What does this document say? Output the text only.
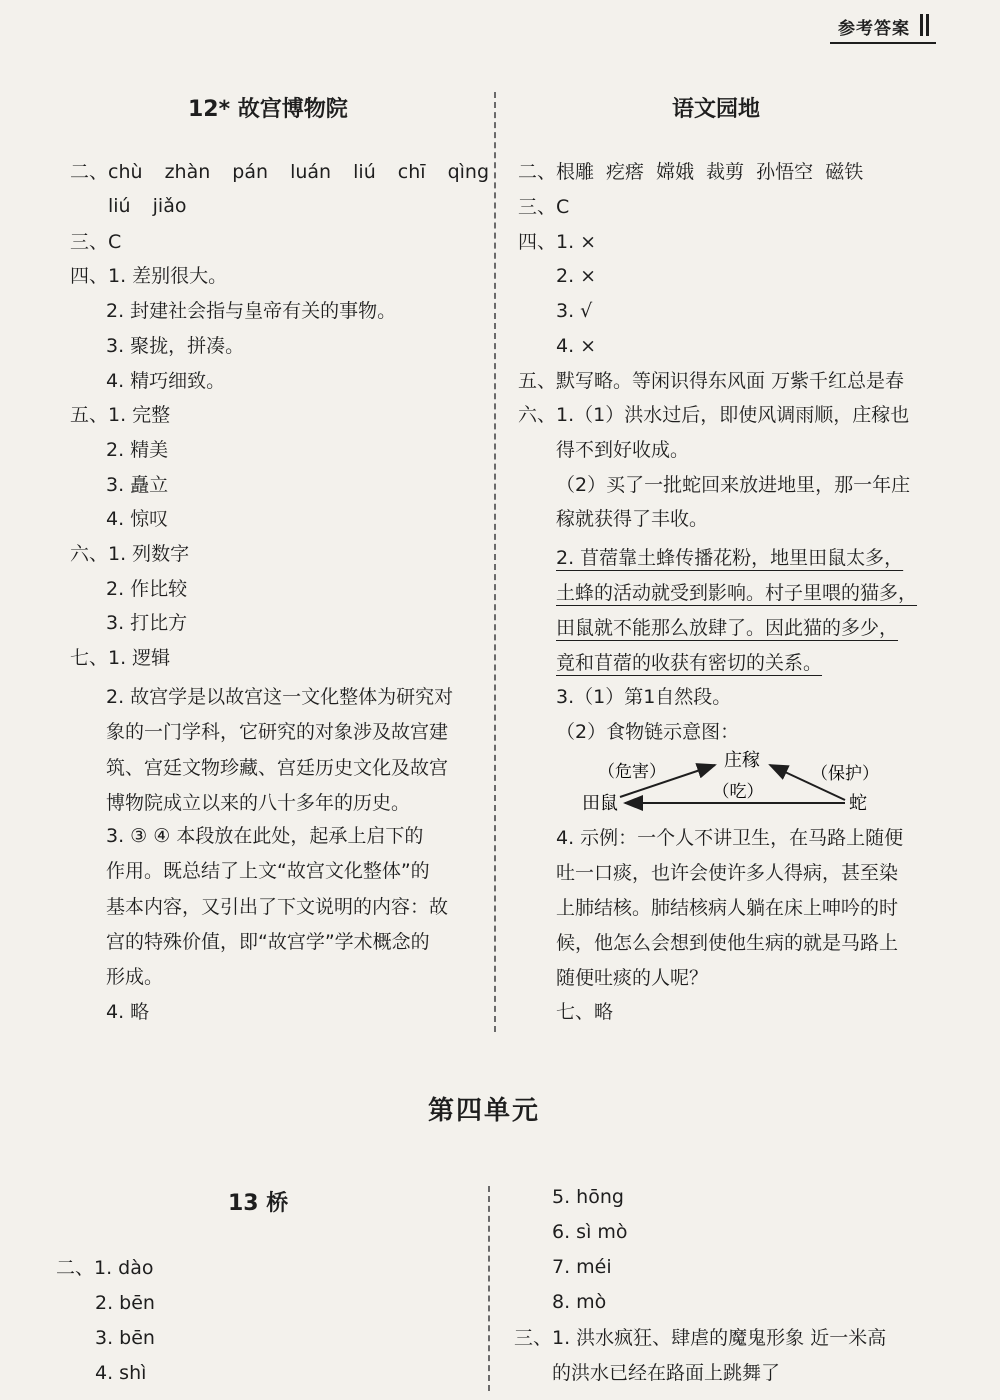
参考答案
12* 故宫博物院
二、chù zhàn pán luán liú chī qìng
liú jiǎo
三、C
四、1. 差别很大。
2. 封建社会指与皇帝有关的事物。
3. 聚拢，拼凑。
4. 精巧细致。
五、1. 完整
2. 精美
3. 矗立
4. 惊叹
六、1. 列数字
2. 作比较
3. 打比方
七、1. 逻辑
2. 故宫学是以故宫这一文化整体为研究对
象的一门学科，它研究的对象涉及故宫建
筑、宫廷文物珍藏、宫廷历史文化及故宫
博物院成立以来的八十多年的历史。
3. ③ ④ 本段放在此处，起承上启下的
作用。既总结了上文“故宫文化整体”的
基本内容，又引出了下文说明的内容：故
宫的特殊价值，即“故宫学”学术概念的
形成。
4. 略
语文园地
二、根雕 疙瘩 嫦娥 裁剪 孙悟空 磁铁
三、C
四、1. ×
2. ×
3. √
4. ×
五、默写略。等闲识得东风面 万紫千红总是春
六、1.（1）洪水过后，即使风调雨顺，庄稼也
得不到好收成。
（2）买了一批蛇回来放进地里，那一年庄
稼就获得了丰收。
2. 苜蓿靠土蜂传播花粉，地里田鼠太多，
土蜂的活动就受到影响。村子里喂的猫多，
田鼠就不能那么放肆了。因此猫的多少，
竟和苜蓿的收获有密切的关系。
3.（1）第1自然段。
（2）食物链示意图：
庄稼
田鼠	蛇
（危害）	（保护）
（吃）
4. 示例：一个人不讲卫生，在马路上随便
吐一口痰，也许会使许多人得病，甚至染
上肺结核。肺结核病人躺在床上呻吟的时
候，他怎么会想到使他生病的就是马路上
随便吐痰的人呢？
七、略
第四单元
13 桥
二、1. dào
2. bēn
3. bēn
4. shì
5. hōng
6. sì mò
7. méi
8. mò
三、1. 洪水疯狂、肆虐的魔鬼形象 近一米高
的洪水已经在路面上跳舞了
